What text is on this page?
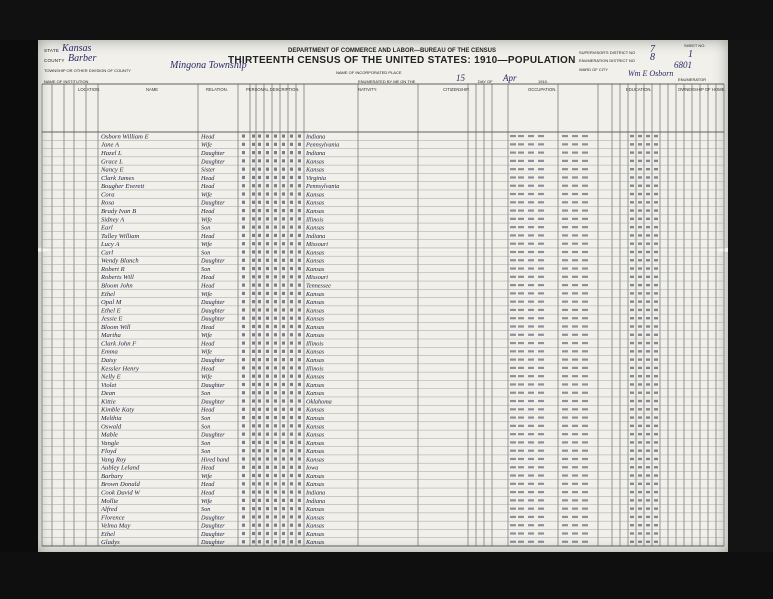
STATE Kansas
COUNTY Barber
TOWNSHIP OR OTHER DIVISION OF COUNTY	Mingona Township
NAME OF INCORPORATED PLACE
NAME OF INSTITUTION
DEPARTMENT OF COMMERCE AND LABOR—BUREAU OF THE CENSUS
THIRTEENTH CENSUS OF THE UNITED STATES: 1910—POPULATION
ENUMERATED BY ME ON THE	15	DAY OF Apr	1910.
SUPERVISOR'S DISTRICT NO 7
ENUMERATION DISTRICT NO 8
WARD OF CITY	Wm E Osborn
ENUMERATOR
SHEET NO.
1
6801
LOCATION.	NAME	RELATION.	PERSONAL DESCRIPTION.	NATIVITY.	CITIZENSHIP.	OCCUPATION.	EDUCATION.	OWNERSHIP OF HOME.
Osborn William E	Head	Indiana
Jane A	Wife	Pennsylvania
Hazel L	Daughter	Indiana
Grace L	Daughter	Kansas
Nancy E	Sister	Kansas
Clark James	Head	Virginia
Bougher Everett	Head	Pennsylvania
Cora	Wife	Kansas
Rosa	Daughter	Kansas
Brady Ivan B	Head	Kansas
Sidney A	Wife	Illinois
Earl	Son	Kansas
Tulley William	Head	Indiana
Lucy A	Wife	Missouri
Carl	Son	Kansas
Wendy Blanch	Daughter	Kansas
Robert R	Son	Kansas
Roberts Will	Head	Missouri
Bloom John	Head	Tennessee
Ethel	Wife	Kansas
Opal M	Daughter	Kansas
Ethel E	Daughter	Kansas
Jessie E	Daughter	Kansas
Bloom Will	Head	Kansas
Martha	Wife	Kansas
Clark John F	Head	Illinois
Emma	Wife	Kansas
Daisy	Daughter	Kansas
Kessler Henry	Head	Illinois
Nelly E	Wife	Kansas
Violet	Daughter	Kansas
Dean	Son	Kansas
Kittie	Daughter	Oklahoma
Kimble Katy	Head	Kansas
Melthia	Son	Kansas
Oswald	Son	Kansas
Mable	Daughter	Kansas
Vangle	Son	Kansas
Floyd	Son	Kansas
Vang Roy	Hired hand	Kansas
Aubley Leland	Head	Iowa
Barbary	Wife	Kansas
Brown Donald	Head	Kansas
Cook David W	Head	Indiana
Mollie	Wife	Indiana
Alfred	Son	Kansas
Florence	Daughter	Kansas
Velma May	Daughter	Kansas
Ethel	Daughter	Kansas
Gladys	Daughter	Kansas
